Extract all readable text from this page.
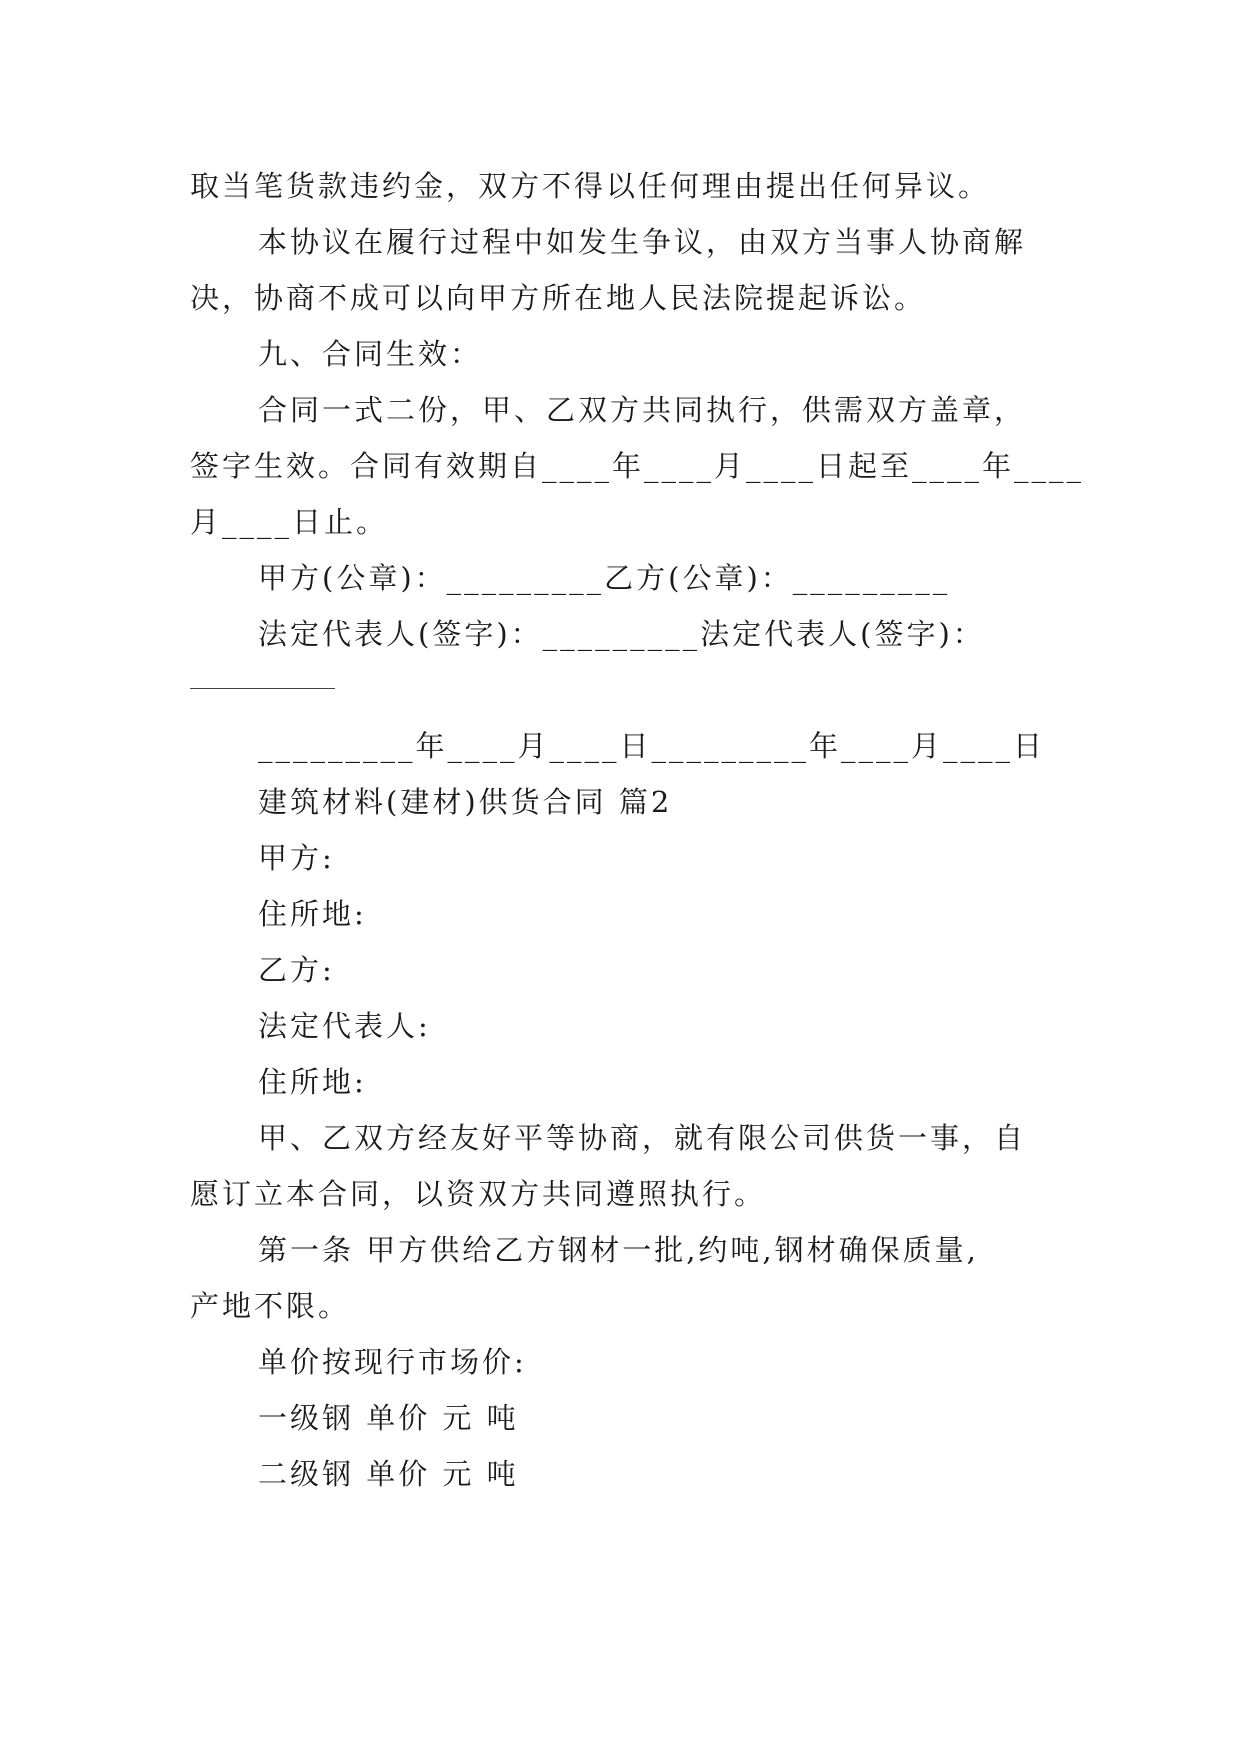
取当笔货款违约金，双方不得以任何理由提出任何异议。
本协议在履行过程中如发生争议，由双方当事人协商解
决，协商不成可以向甲方所在地人民法院提起诉讼。
九、合同生效：
合同一式二份，甲、乙双方共同执行，供需双方盖章，
签字生效。合同有效期自____年____月____日起至____年____
月____日止。
甲方(公章)：_________乙方(公章)：_________
法定代表人(签字)：_________法定代表人(签字)：
_________年____月____日_________年____月____日
建筑材料(建材)供货合同 篇2
甲方:
住所地:
乙方:
法定代表人:
住所地:
甲、乙双方经友好平等协商，就有限公司供货一事，自
愿订立本合同，以资双方共同遵照执行。
第一条 甲方供给乙方钢材一批,约吨,钢材确保质量,
产地不限。
单价按现行市场价:
一级钢 单价 元 吨
二级钢 单价 元 吨
